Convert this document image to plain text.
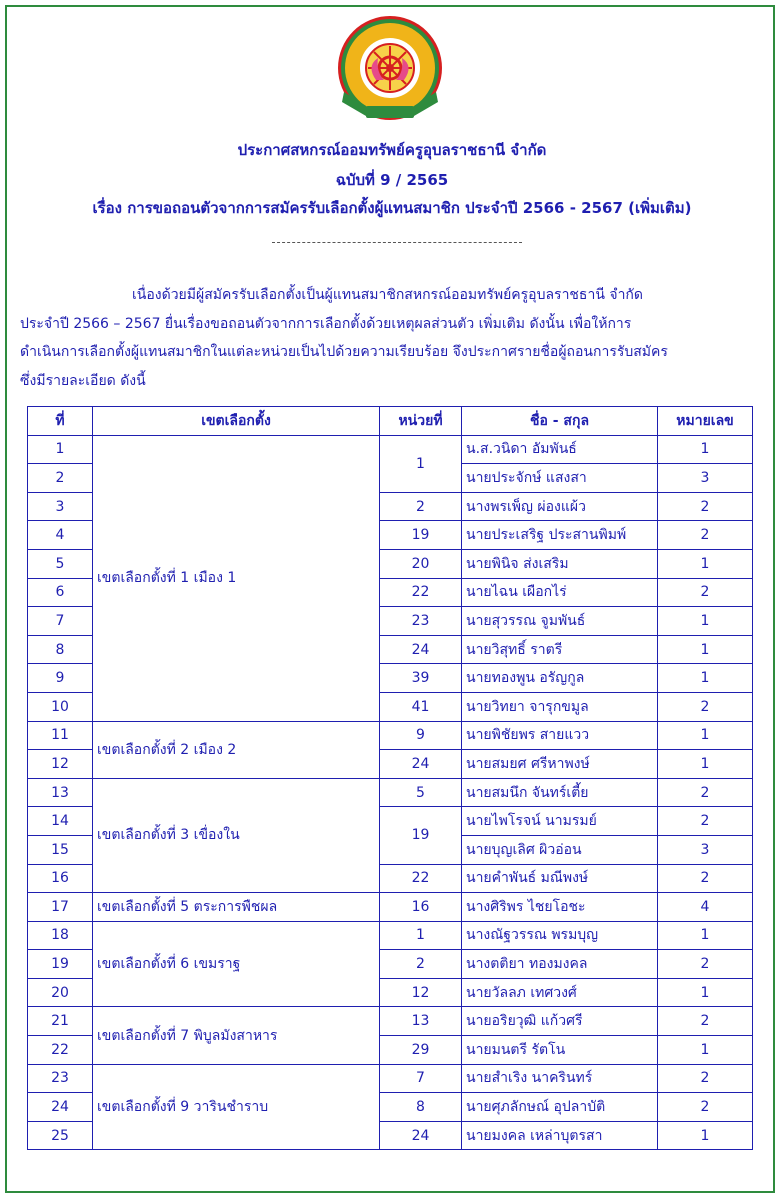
ประกาศสหกรณ์ออมทรัพย์ครูอุบลราชธานี จำกัด
ฉบับที่ 9 / 2565
เรื่อง การขอถอนตัวจากการสมัครรับเลือกตั้งผู้แทนสมาชิก ประจำปี 2566 - 2567 (เพิ่มเติม)
เนื่องด้วยมีผู้สมัครรับเลือกตั้งเป็นผู้แทนสมาชิกสหกรณ์ออมทรัพย์ครูอุบลราชธานี จำกัด
ประจำปี 2566 – 2567 ยื่นเรื่องขอถอนตัวจากการเลือกตั้งด้วยเหตุผลส่วนตัว เพิ่มเติม ดังนั้น เพื่อให้การ
ดำเนินการเลือกตั้งผู้แทนสมาชิกในแต่ละหน่วยเป็นไปด้วยความเรียบร้อย จึงประกาศรายชื่อผู้ถอนการรับสมัคร
ซึ่งมีรายละเอียด ดังนี้
ที่	เขตเลือกตั้ง	หน่วยที่	ชื่อ - สกุล	หมายเลข
1	เขตเลือกตั้งที่ 1 เมือง 1	1	น.ส.วนิดา อัมพันธ์	1
2			นายประจักษ์ แสงสา	3
3		2	นางพรเพ็ญ ผ่องแผ้ว	2
4		19	นายประเสริฐ ประสานพิมพ์	2
5		20	นายพินิจ ส่งเสริม	1
6		22	นายไฉน เผือกไร่	2
7		23	นายสุวรรณ จูมพันธ์	1
8		24	นายวิสุทธิ์ ราตรี	1
9		39	นายทองพูน อรัญกูล	1
10		41	นายวิทยา จารุกขมูล	2
11	เขตเลือกตั้งที่ 2 เมือง 2	9	นายพิชัยพร สายแวว	1
12		24	นายสมยศ ศรีหาพงษ์	1
13	เขตเลือกตั้งที่ 3 เขื่องใน	5	นายสมนึก จันทร์เตี้ย	2
14		19	นายไพโรจน์ นามรมย์	2
15			นายบุญเลิศ ผิวอ่อน	3
16		22	นายคำพันธ์ มณีพงษ์	2
17	เขตเลือกตั้งที่ 5 ตระการพืชผล	16	นางศิริพร ไชยโอชะ	4
18	เขตเลือกตั้งที่ 6 เขมราฐ	1	นางณัฐวรรณ พรมบุญ	1
19		2	นางตติยา ทองมงคล	2
20		12	นายวัลลภ เทศวงศ์	1
21	เขตเลือกตั้งที่ 7 พิบูลมังสาหาร	13	นายอริยวุฒิ แก้วศรี	2
22		29	นายมนตรี รัตโน	1
23	เขตเลือกตั้งที่ 9 วารินชำราบ	7	นายสำเริง นาครินทร์	2
24		8	นายศุภลักษณ์ อุปลาบัติ	2
25		24	นายมงคล เหล่าบุตรสา	1
